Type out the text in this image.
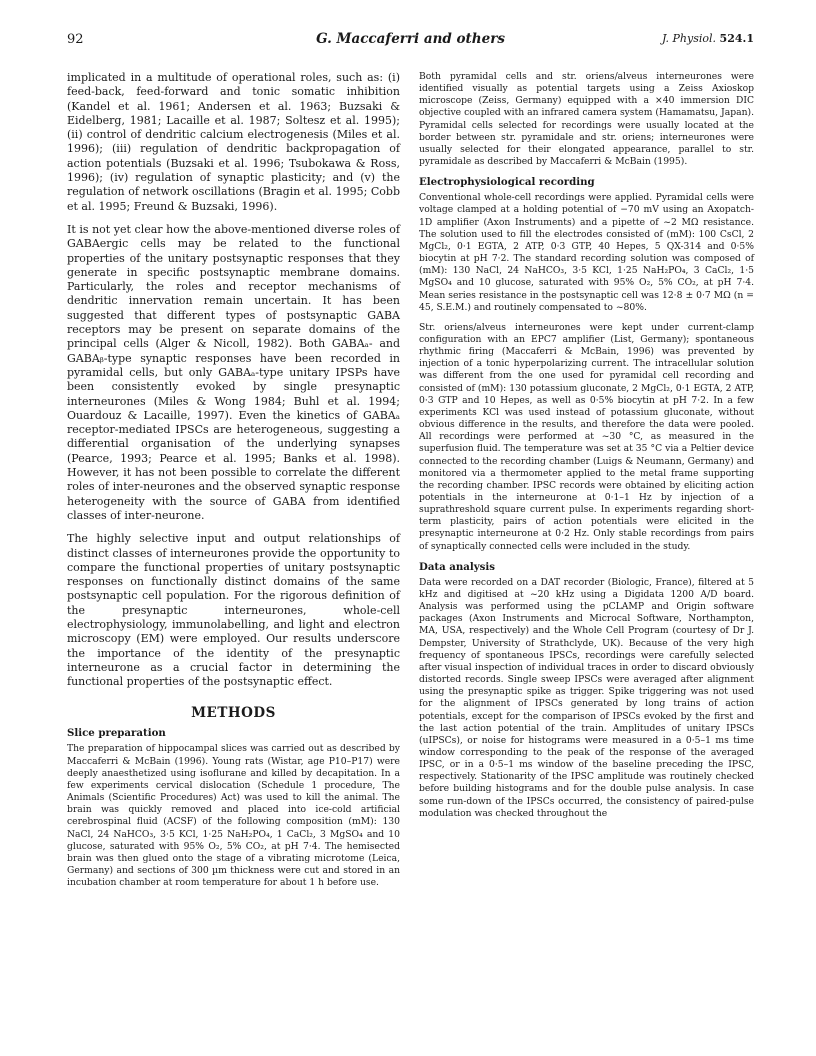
92	G. Maccaferri and others	J. Physiol. 524.1

implicated in a multitude of operational roles, such as: (i) feed-back, feed-forward and tonic somatic inhibition (Kandel et al. 1961; Andersen et al. 1963; Buzsaki & Eidelberg, 1981; Lacaille et al. 1987; Soltesz et al. 1995); (ii) control of dendritic calcium electrogenesis (Miles et al. 1996); (iii) regulation of dendritic backpropagation of action potentials (Buzsaki et al. 1996; Tsubokawa & Ross, 1996); (iv) regulation of synaptic plasticity; and (v) the regulation of network oscillations (Bragin et al. 1995; Cobb et al. 1995; Freund & Buzsaki, 1996).

It is not yet clear how the above-mentioned diverse roles of GABAergic cells may be related to the functional properties of the unitary postsynaptic responses that they generate in specific postsynaptic membrane domains. Particularly, the roles and receptor mechanisms of dendritic innervation remain uncertain. It has been suggested that different types of postsynaptic GABA receptors may be present on separate domains of the principal cells (Alger & Nicoll, 1982). Both GABAₐ- and GABAᵦ-type synaptic responses have been recorded in pyramidal cells, but only GABAₐ-type unitary IPSPs have been consistently evoked by single presynaptic interneurones (Miles & Wong 1984; Buhl et al. 1994; Ouardouz & Lacaille, 1997). Even the kinetics of GABAₐ receptor-mediated IPSCs are heterogeneous, suggesting a differential organisation of the underlying synapses (Pearce, 1993; Pearce et al. 1995; Banks et al. 1998). However, it has not been possible to correlate the different roles of inter-neurones and the observed synaptic response heterogeneity with the source of GABA from identified classes of inter-neurone.

The highly selective input and output relationships of distinct classes of interneurones provide the opportunity to compare the functional properties of unitary postsynaptic responses on functionally distinct domains of the same postsynaptic cell population. For the rigorous definition of the presynaptic interneurones, whole-cell electrophysiology, immunolabelling, and light and electron microscopy (EM) were employed. Our results underscore the importance of the identity of the presynaptic interneurone as a crucial factor in determining the functional properties of the postsynaptic effect.

METHODS
Slice preparation

The preparation of hippocampal slices was carried out as described by Maccaferri & McBain (1996). Young rats (Wistar, age P10–P17) were deeply anaesthetized using isoflurane and killed by decapitation. In a few experiments cervical dislocation (Schedule 1 procedure, The Animals (Scientific Procedures) Act) was used to kill the animal. The brain was quickly removed and placed into ice-cold artificial cerebrospinal fluid (ACSF) of the following composition (mM): 130 NaCl, 24 NaHCO₃, 3·5 KCl, 1·25 NaH₂PO₄, 1 CaCl₂, 3 MgSO₄ and 10 glucose, saturated with 95% O₂, 5% CO₂, at pH 7·4. The hemisected brain was then glued onto the stage of a vibrating microtome (Leica, Germany) and sections of 300 µm thickness were cut and stored in an incubation chamber at room temperature for about 1 h before use.

Both pyramidal cells and str. oriens/alveus interneurones were identified visually as potential targets using a Zeiss Axioskop microscope (Zeiss, Germany) equipped with a ×40 immersion DIC objective coupled with an infrared camera system (Hamamatsu, Japan). Pyramidal cells selected for recordings were usually located at the border between str. pyramidale and str. oriens; interneurones were usually selected for their elongated appearance, parallel to str. pyramidale as described by Maccaferri & McBain (1995).

Electrophysiological recording

Conventional whole-cell recordings were applied. Pyramidal cells were voltage clamped at a holding potential of −70 mV using an Axopatch-1D amplifier (Axon Instruments) and a pipette of ~2 MΩ resistance. The solution used to fill the electrodes consisted of (mM): 100 CsCl, 2 MgCl₂, 0·1 EGTA, 2 ATP, 0·3 GTP, 40 Hepes, 5 QX-314 and 0·5% biocytin at pH 7·2. The standard recording solution was composed of (mM): 130 NaCl, 24 NaHCO₃, 3·5 KCl, 1·25 NaH₂PO₄, 3 CaCl₂, 1·5 MgSO₄ and 10 glucose, saturated with 95% O₂, 5% CO₂, at pH 7·4. Mean series resistance in the postsynaptic cell was 12·8 ± 0·7 MΩ (n = 45, S.E.M.) and routinely compensated to ~80%.

Str. oriens/alveus interneurones were kept under current-clamp configuration with an EPC7 amplifier (List, Germany); spontaneous rhythmic firing (Maccaferri & McBain, 1996) was prevented by injection of a tonic hyperpolarizing current. The intracellular solution was different from the one used for pyramidal cell recording and consisted of (mM): 130 potassium gluconate, 2 MgCl₂, 0·1 EGTA, 2 ATP, 0·3 GTP and 10 Hepes, as well as 0·5% biocytin at pH 7·2. In a few experiments KCl was used instead of potassium gluconate, without obvious difference in the results, and therefore the data were pooled. All recordings were performed at ~30 °C, as measured in the superfusion fluid. The temperature was set at 35 °C via a Peltier device connected to the recording chamber (Luigs & Neumann, Germany) and monitored via a thermometer applied to the metal frame supporting the recording chamber. IPSC records were obtained by eliciting action potentials in the interneurone at 0·1–1 Hz by injection of a suprathreshold square current pulse. In experiments regarding short-term plasticity, pairs of action potentials were elicited in the presynaptic interneurone at 0·2 Hz. Only stable recordings from pairs of synaptically connected cells were included in the study.

Data analysis

Data were recorded on a DAT recorder (Biologic, France), filtered at 5 kHz and digitised at ~20 kHz using a Digidata 1200 A/D board. Analysis was performed using the pCLAMP and Origin software packages (Axon Instruments and Microcal Software, Northampton, MA, USA, respectively) and the Whole Cell Program (courtesy of Dr J. Dempster, University of Strathclyde, UK). Because of the very high frequency of spontaneous IPSCs, recordings were carefully selected after visual inspection of individual traces in order to discard obviously distorted records. Single sweep IPSCs were averaged after alignment using the presynaptic spike as trigger. Spike triggering was not used for the alignment of IPSCs generated by long trains of action potentials, except for the comparison of IPSCs evoked by the first and the last action potential of the train. Amplitudes of unitary IPSCs (uIPSCs), or noise for histograms were measured in a 0·5–1 ms time window corresponding to the peak of the response of the averaged IPSC, or in a 0·5–1 ms window of the baseline preceding the IPSC, respectively. Stationarity of the IPSC amplitude was routinely checked before building histograms and for the double pulse analysis. In case some run-down of the IPSCs occurred, the consistency of paired-pulse modulation was checked throughout the
